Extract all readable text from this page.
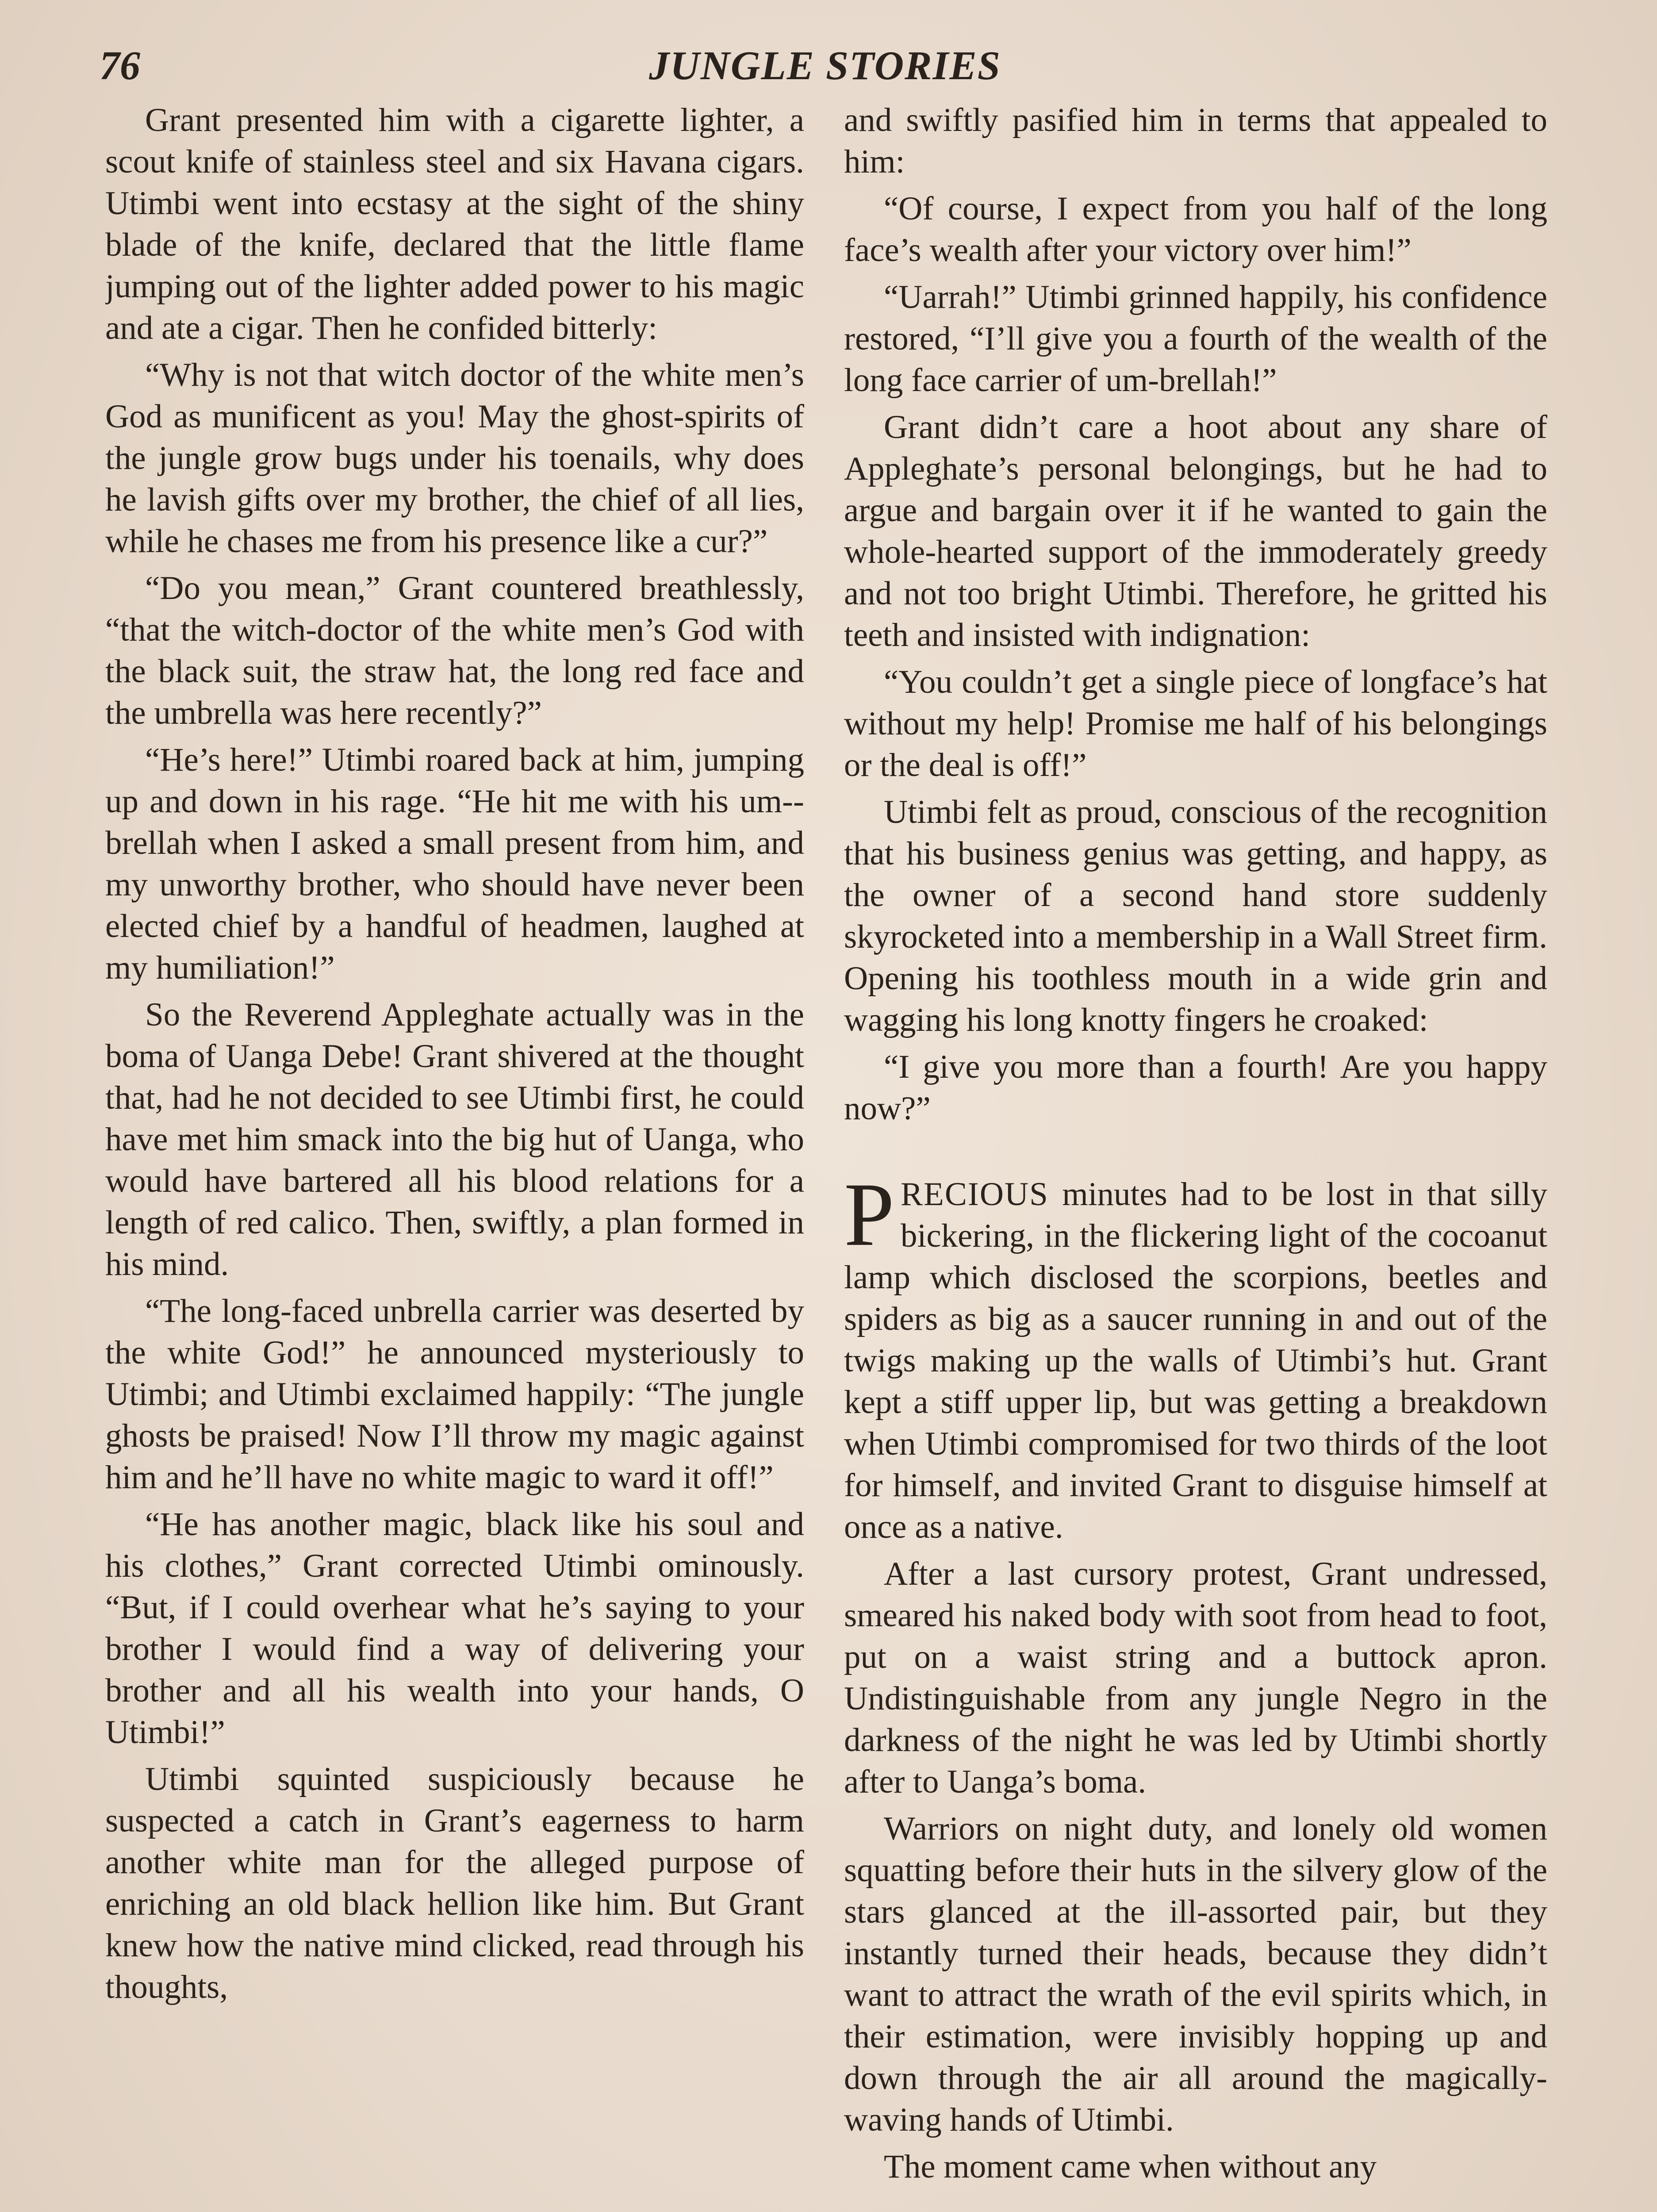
76	JUNGLE STORIES

Grant presented him with a cigarette lighter, a scout knife of stainless steel and six Havana cigars. Utimbi went into ecstasy at the sight of the shiny blade of the knife, declared that the little flame jumping out of the lighter added power to his magic and ate a cigar. Then he confided bitterly:

“Why is not that witch doctor of the white men’s God as munificent as you! May the ghost-spirits of the jungle grow bugs under his toenails, why does he lavish gifts over my brother, the chief of all lies, while he chases me from his presence like a cur?”

“Do you mean,” Grant countered breathlessly, “that the witch-doctor of the white men’s God with the black suit, the straw hat, the long red face and the umbrella was here recently?”

“He’s here!” Utimbi roared back at him, jumping up and down in his rage. “He hit me with his um--brellah when I asked a small present from him, and my unworthy brother, who should have never been elected chief by a handful of headmen, laughed at my humiliation!”

So the Reverend Appleghate actually was in the boma of Uanga Debe! Grant shivered at the thought that, had he not decided to see Utimbi first, he could have met him smack into the big hut of Uanga, who would have bartered all his blood relations for a length of red calico. Then, swiftly, a plan formed in his mind.

“The long-faced unbrella carrier was deserted by the white God!” he announced mysteriously to Utimbi; and Utimbi exclaimed happily: “The jungle ghosts be praised! Now I’ll throw my magic against him and he’ll have no white magic to ward it off!”

“He has another magic, black like his soul and his clothes,” Grant corrected Utimbi ominously. “But, if I could overhear what he’s saying to your brother I would find a way of delivering your brother and all his wealth into your hands, O Utimbi!”

Utimbi squinted suspiciously because he suspected a catch in Grant’s eagerness to harm another white man for the alleged purpose of enriching an old black hellion like him. But Grant knew how the native mind clicked, read through his thoughts,

and swiftly pasified him in terms that appealed to him:

“Of course, I expect from you half of the long face’s wealth after your victory over him!”

“Uarrah!” Utimbi grinned happily, his confidence restored, “I’ll give you a fourth of the wealth of the long face carrier of um-brellah!”

Grant didn’t care a hoot about any share of Appleghate’s personal belongings, but he had to argue and bargain over it if he wanted to gain the whole-hearted support of the immoderately greedy and not too bright Utimbi. Therefore, he gritted his teeth and insisted with indignation:

“You couldn’t get a single piece of longface’s hat without my help! Promise me half of his belongings or the deal is off!”

Utimbi felt as proud, conscious of the recognition that his business genius was getting, and happy, as the owner of a second hand store suddenly skyrocketed into a membership in a Wall Street firm. Opening his toothless mouth in a wide grin and wagging his long knotty fingers he croaked:

“I give you more than a fourth! Are you happy now?”

PRECIOUS minutes had to be lost in that silly bickering, in the flickering light of the cocoanut lamp which disclosed the scorpions, beetles and spiders as big as a saucer running in and out of the twigs making up the walls of Utimbi’s hut. Grant kept a stiff upper lip, but was getting a breakdown when Utimbi compromised for two thirds of the loot for himself, and invited Grant to disguise himself at once as a native.

After a last cursory protest, Grant undressed, smeared his naked body with soot from head to foot, put on a waist string and a buttock apron. Undistinguishable from any jungle Negro in the darkness of the night he was led by Utimbi shortly after to Uanga’s boma.

Warriors on night duty, and lonely old women squatting before their huts in the silvery glow of the stars glanced at the ill-assorted pair, but they instantly turned their heads, because they didn’t want to attract the wrath of the evil spirits which, in their estimation, were invisibly hopping up and down through the air all around the magically-waving hands of Utimbi.

The moment came when without any
